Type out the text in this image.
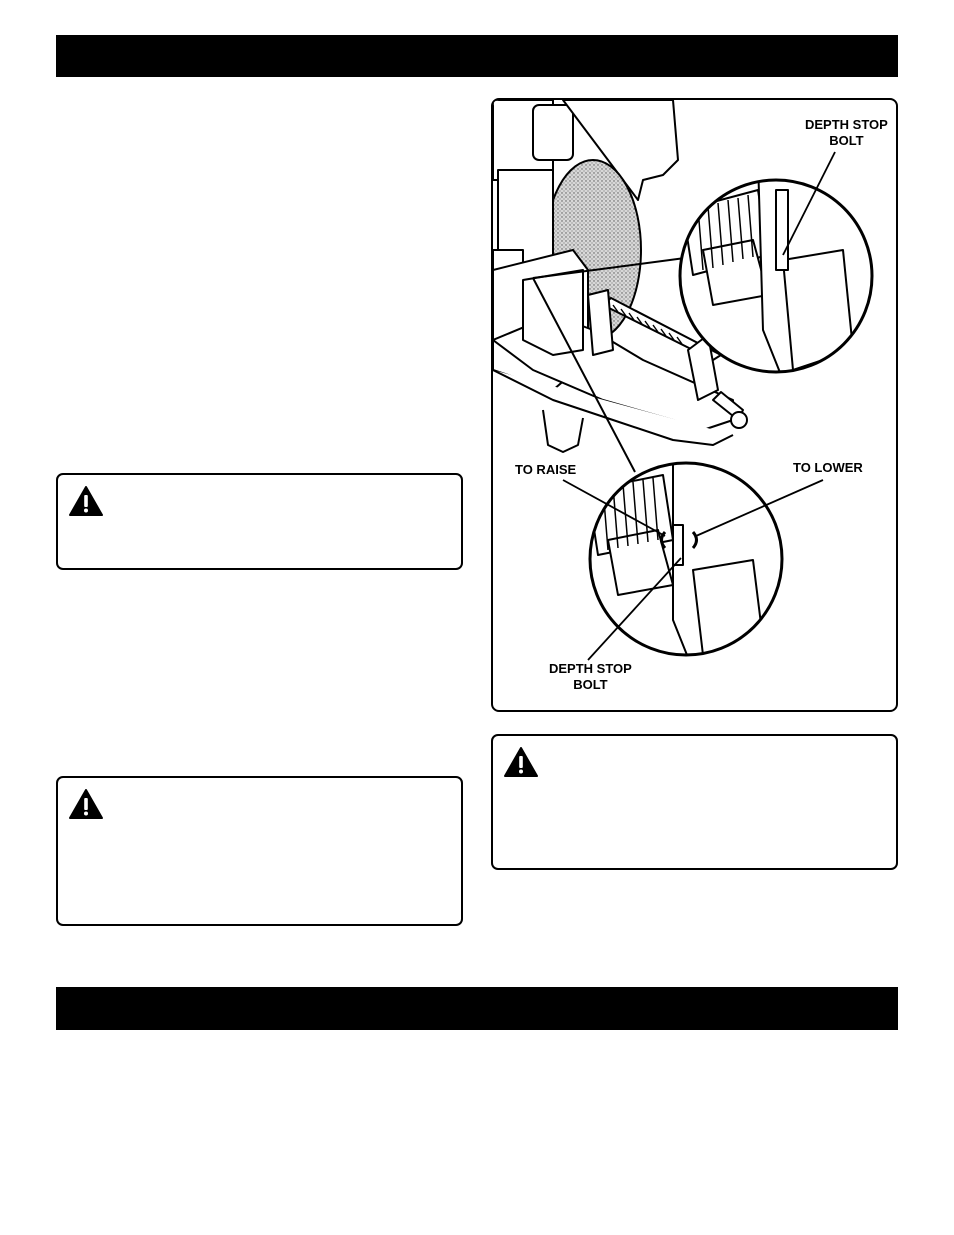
DEPTH STOP
BOLT
TO RAISE	TO LOWER
DEPTH STOP
BOLT
